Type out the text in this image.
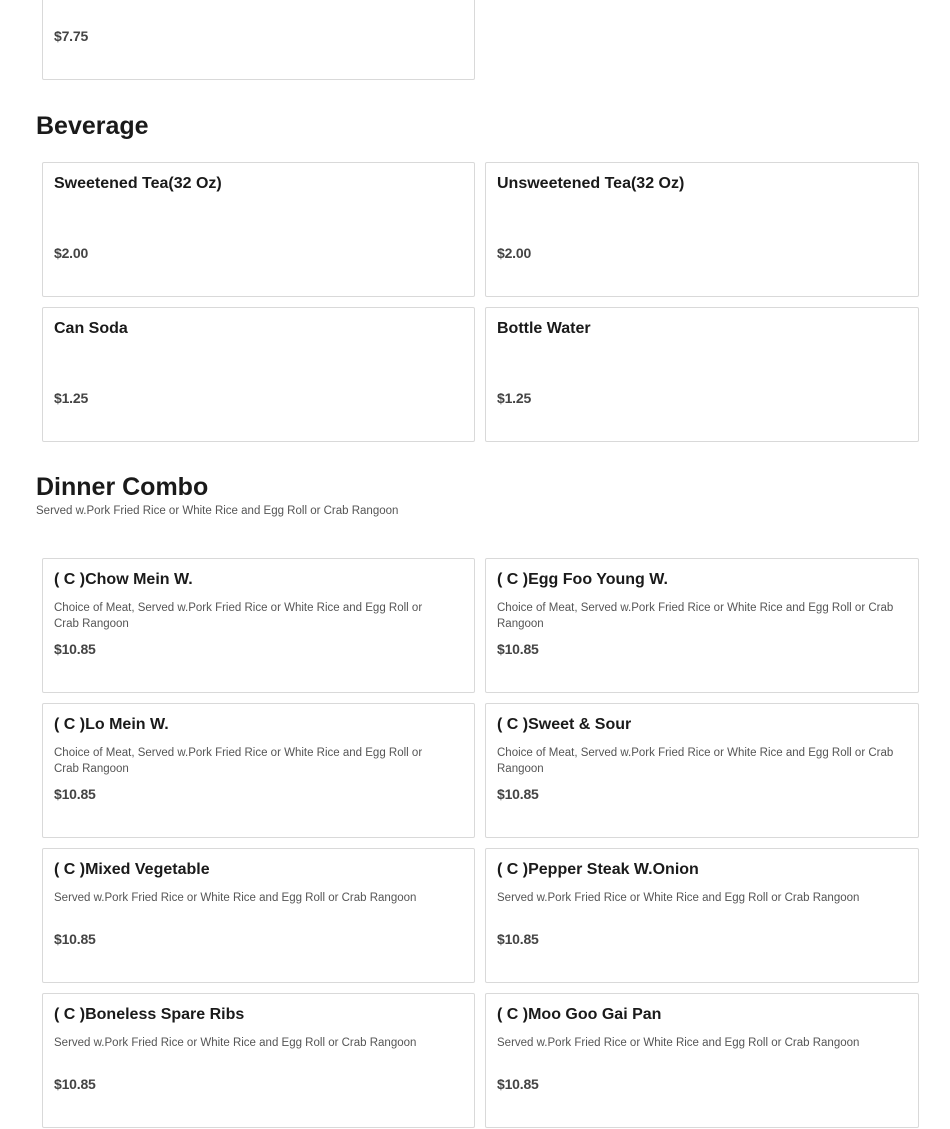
$7.75
Beverage
Sweetened Tea(32 Oz)
$2.00
Unsweetened Tea(32 Oz)
$2.00
Can Soda
$1.25
Bottle Water
$1.25
Dinner Combo
Served w.Pork Fried Rice or White Rice and Egg Roll or Crab Rangoon
( C )Chow Mein W.
Choice of Meat, Served w.Pork Fried Rice or White Rice and Egg Roll or Crab Rangoon
$10.85
( C )Egg Foo Young W.
Choice of Meat, Served w.Pork Fried Rice or White Rice and Egg Roll or Crab Rangoon
$10.85
( C )Lo Mein W.
Choice of Meat, Served w.Pork Fried Rice or White Rice and Egg Roll or Crab Rangoon
$10.85
( C )Sweet & Sour
Choice of Meat, Served w.Pork Fried Rice or White Rice and Egg Roll or Crab Rangoon
$10.85
( C )Mixed Vegetable
Served w.Pork Fried Rice or White Rice and Egg Roll or Crab Rangoon
$10.85
( C )Pepper Steak W.Onion
Served w.Pork Fried Rice or White Rice and Egg Roll or Crab Rangoon
$10.85
( C )Boneless Spare Ribs
Served w.Pork Fried Rice or White Rice and Egg Roll or Crab Rangoon
$10.85
( C )Moo Goo Gai Pan
Served w.Pork Fried Rice or White Rice and Egg Roll or Crab Rangoon
$10.85
